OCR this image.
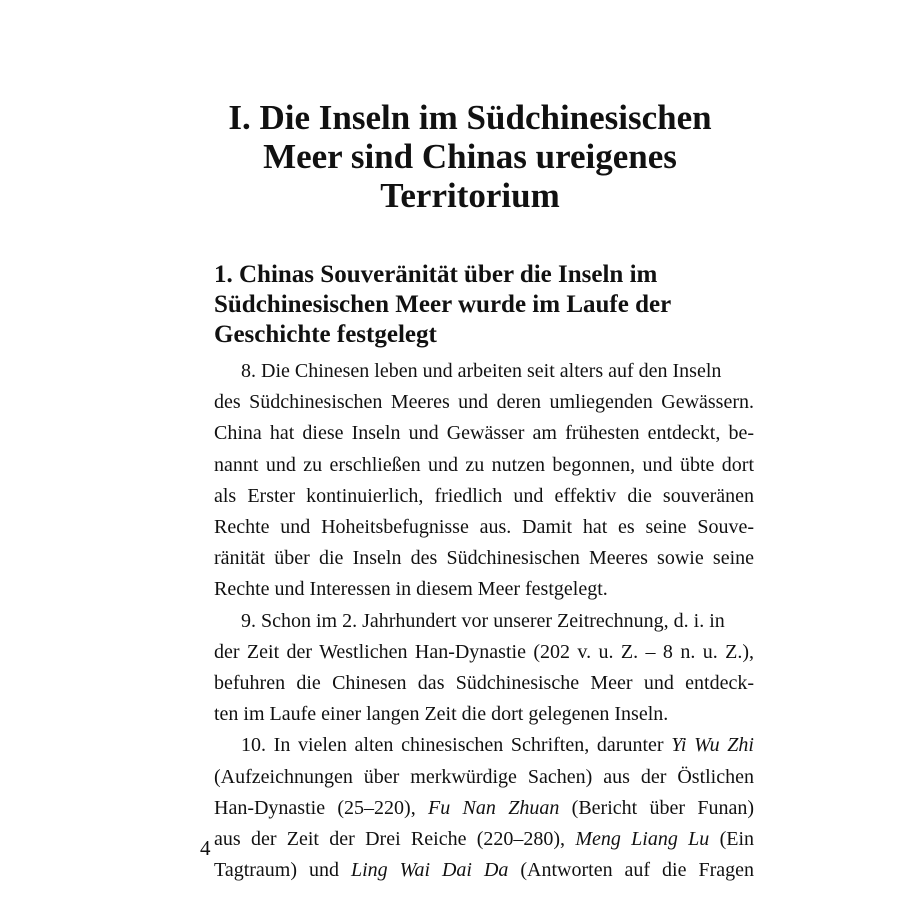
I. Die Inseln im Südchinesischen
Meer sind Chinas ureigenes
Territorium
1. Chinas Souveränität über die Inseln im
Südchinesischen Meer wurde im Laufe der
Geschichte festgelegt

8. Die Chinesen leben und arbeiten seit alters auf den Inseln
des Südchinesischen Meeres und deren umliegenden Gewässern.
China hat diese Inseln und Gewässer am frühesten entdeckt, be-
nannt und zu erschließen und zu nutzen begonnen, und übte dort
als Erster kontinuierlich, friedlich und effektiv die souveränen
Rechte und Hoheitsbefugnisse aus. Damit hat es seine Souve-
ränität über die Inseln des Südchinesischen Meeres sowie seine
Rechte und Interessen in diesem Meer festgelegt.

9. Schon im 2. Jahrhundert vor unserer Zeitrechnung, d. i. in
der Zeit der Westlichen Han-Dynastie (202 v. u. Z. – 8 n. u. Z.),
befuhren die Chinesen das Südchinesische Meer und entdeck-
ten im Laufe einer langen Zeit die dort gelegenen Inseln.

10. In vielen alten chinesischen Schriften, darunter Yi Wu Zhi
(Aufzeichnungen über merkwürdige Sachen) aus der Östlichen
Han-Dynastie (25–220), Fu Nan Zhuan (Bericht über Funan)
aus der Zeit der Drei Reiche (220–280), Meng Liang Lu (Ein
Tagtraum) und Ling Wai Dai Da (Antworten auf die Fragen

4
